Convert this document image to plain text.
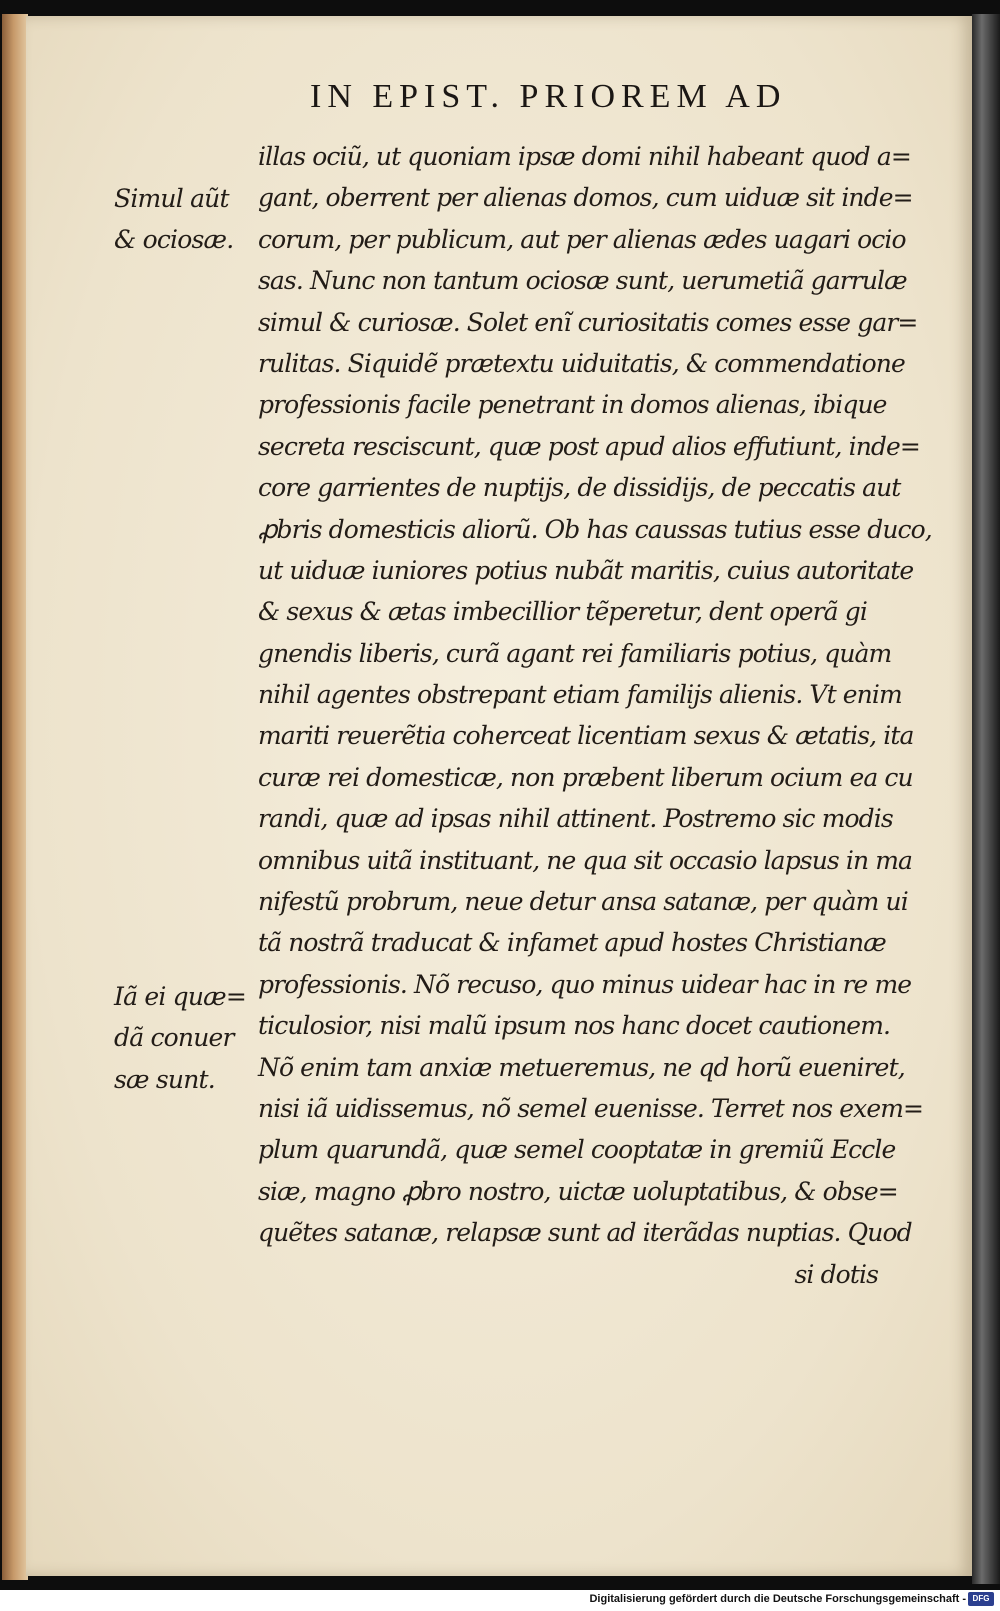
IN EPIST. PRIOREM AD
Simul aũt
& ociosæ.
Iã ei quæ=
dã conuer
sæ sunt.
illas ociũ, ut quoniam ipsæ domi nihil habeant quod a=
gant, oberrent per alienas domos, cum uiduæ sit inde=
corum, per publicum, aut per alienas ædes uagari ocio
sas. Nunc non tantum ociosæ sunt, uerumetiã garrulæ
simul & curiosæ. Solet enĩ curiositatis comes esse gar=
rulitas. Siquidẽ prætextu uiduitatis, & commendatione
professionis facile penetrant in domos alienas, ibique
secreta resciscunt, quæ post apud alios effutiunt, inde=
core garrientes de nuptijs, de dissidijs, de peccatis aut
ꝓbris domesticis aliorũ. Ob has caussas tutius esse duco,
ut uiduæ iuniores potius nubãt maritis, cuius autoritate
& sexus & ætas imbecillior tẽperetur, dent operã gi
gnendis liberis, curã agant rei familiaris potius, quàm
nihil agentes obstrepant etiam familijs alienis. Vt enim
mariti reuerẽtia coherceat licentiam sexus & ætatis, ita
curæ rei domesticæ, non præbent liberum ocium ea cu
randi, quæ ad ipsas nihil attinent. Postremo sic modis
omnibus uitã instituant, ne qua sit occasio lapsus in ma
nifestũ probrum, neue detur ansa satanæ, per quàm ui
tã nostrã traducat & infamet apud hostes Christianæ
professionis. Nõ recuso, quo minus uidear hac in re me
ticulosior, nisi malũ ipsum nos hanc docet cautionem.
Nõ enim tam anxiæ metueremus, ne qd horũ eueniret,
nisi iã uidissemus, nõ semel euenisse. Terret nos exem=
plum quarundã, quæ semel cooptatæ in gremiũ Eccle
siæ, magno ꝓbro nostro, uictæ uoluptatibus, & obse=
quẽtes satanæ, relapsæ sunt ad iterãdas nuptias. Quod
si dotis
Digitalisierung gefördert durch die Deutsche Forschungsgemeinschaft - DFG
